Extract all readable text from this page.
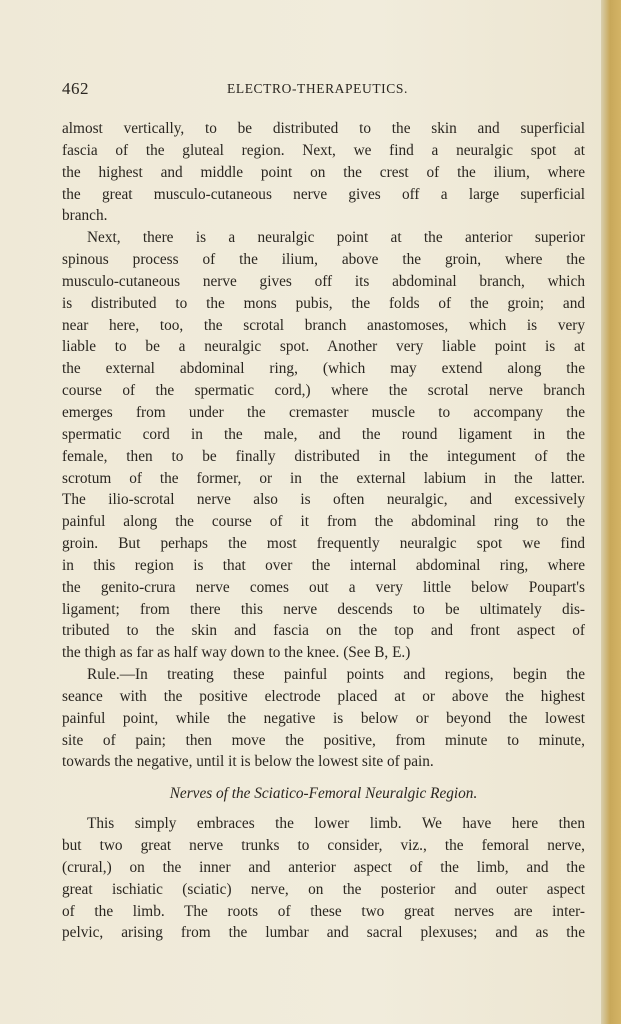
462	ELECTRO-THERAPEUTICS.
almost vertically, to be distributed to the skin and superficial
fascia of the gluteal region. Next, we find a neuralgic spot at
the highest and middle point on the crest of the ilium, where
the great musculo-cutaneous nerve gives off a large superficial
branch.
Next, there is a neuralgic point at the anterior superior
spinous process of the ilium, above the groin, where the
musculo-cutaneous nerve gives off its abdominal branch, which
is distributed to the mons pubis, the folds of the groin; and
near here, too, the scrotal branch anastomoses, which is very
liable to be a neuralgic spot. Another very liable point is at
the external abdominal ring, (which may extend along the
course of the spermatic cord,) where the scrotal nerve branch
emerges from under the cremaster muscle to accompany the
spermatic cord in the male, and the round ligament in the
female, then to be finally distributed in the integument of the
scrotum of the former, or in the external labium in the latter.
The ilio-scrotal nerve also is often neuralgic, and excessively
painful along the course of it from the abdominal ring to the
groin. But perhaps the most frequently neuralgic spot we find
in this region is that over the internal abdominal ring, where
the genito-crura nerve comes out a very little below Poupart's
ligament; from there this nerve descends to be ultimately dis-
tributed to the skin and fascia on the top and front aspect of
the thigh as far as half way down to the knee. (See B, E.)
Rule.—In treating these painful points and regions, begin the
seance with the positive electrode placed at or above the highest
painful point, while the negative is below or beyond the lowest
site of pain; then move the positive, from minute to minute,
towards the negative, until it is below the lowest site of pain.
Nerves of the Sciatico-Femoral Neuralgic Region.
This simply embraces the lower limb. We have here then
but two great nerve trunks to consider, viz., the femoral nerve,
(crural,) on the inner and anterior aspect of the limb, and the
great ischiatic (sciatic) nerve, on the posterior and outer aspect
of the limb. The roots of these two great nerves are inter-
pelvic, arising from the lumbar and sacral plexuses; and as the
